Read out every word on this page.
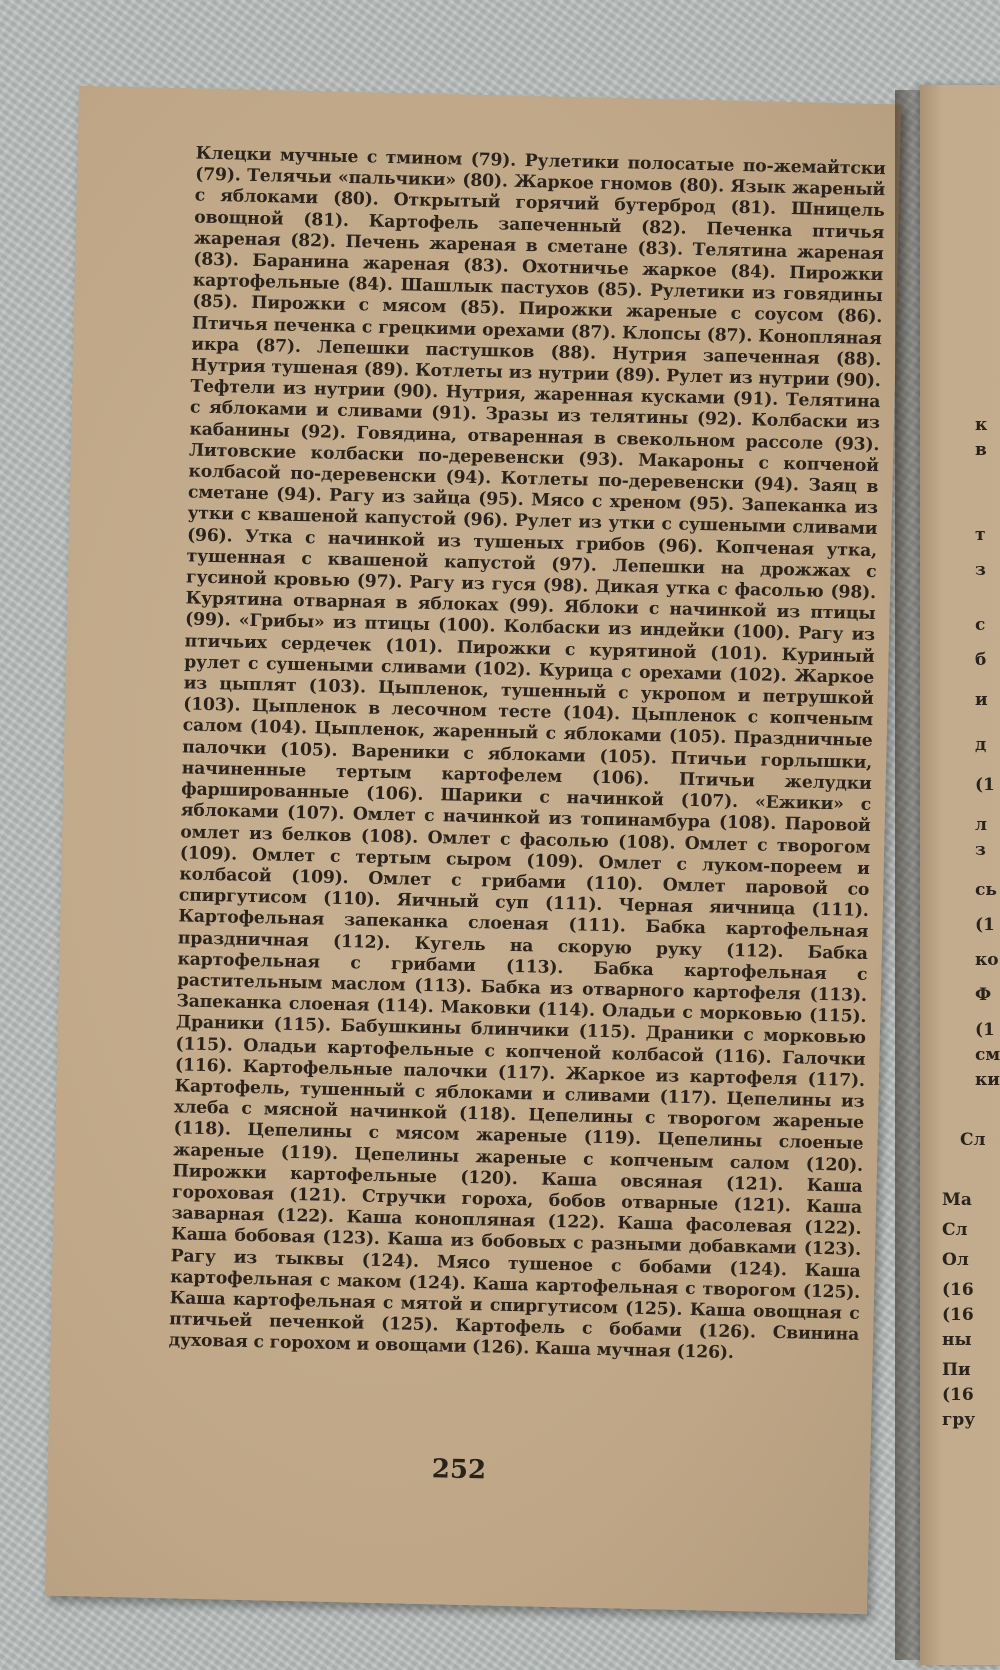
Клецки мучные с тмином (79). Рулетики полосатые по-жемайтски (79). Телячьи «пальчики» (80). Жаркое гномов (80). Язык жареный с яблоками (80). Открытый горячий бутерброд (81). Шницель овощной (81). Картофель запеченный (82). Печенка птичья жареная (82). Печень жареная в сметане (83). Телятина жареная (83). Баранина жареная (83). Охотничье жаркое (84). Пирожки картофельные (84). Шашлык пастухов (85). Рулетики из говядины (85). Пирожки с мясом (85). Пирожки жареные с соусом (86). Птичья печенка с грецкими орехами (87). Клопсы (87). Конопляная икра (87). Лепешки пастушков (88). Нутрия запеченная (88). Нутрия тушеная (89). Котлеты из нутрии (89). Рулет из нутрии (90). Тефтели из нутрии (90). Нутрия, жаренная кусками (91). Телятина с яблоками и сливами (91). Зразы из телятины (92). Колбаски из кабанины (92). Говядина, отваренная в свекольном рассоле (93). Литовские колбаски по-деревенски (93). Макароны с копченой колбасой по-деревенски (94). Котлеты по-деревенски (94). Заяц в сметане (94). Рагу из зайца (95). Мясо с хреном (95). Запеканка из утки с квашеной капустой (96). Рулет из утки с сушеными сливами (96). Утка с начинкой из тушеных грибов (96). Копченая утка, тушенная с квашеной капустой (97). Лепешки на дрожжах с гусиной кровью (97). Рагу из гуся (98). Дикая утка с фасолью (98). Курятина отварная в яблоках (99). Яблоки с начинкой из птицы (99). «Грибы» из птицы (100). Колбаски из индейки (100). Рагу из птичьих сердечек (101). Пирожки с курятиной (101). Куриный рулет с сушеными сливами (102). Курица с орехами (102). Жаркое из цыплят (103). Цыпленок, тушенный с укропом и петрушкой (103). Цыпленок в лесочном тесте (104). Цыпленок с копченым салом (104). Цыпленок, жаренный с яблоками (105). Праздничные палочки (105). Вареники с яблоками (105). Птичьи горлышки, начиненные тертым картофелем (106). Птичьи желудки фаршированные (106). Шарики с начинкой (107). «Ежики» с яблоками (107). Омлет с начинкой из топинамбура (108). Паровой омлет из белков (108). Омлет с фасолью (108). Омлет с творогом (109). Омлет с тертым сыром (109). Омлет с луком-пореем и колбасой (109). Омлет с грибами (110). Омлет паровой со спиргутисом (110). Яичный суп (111). Черная яичница (111). Картофельная запеканка слоеная (111). Бабка картофельная праздничная (112). Кугель на скорую руку (112). Бабка картофельная с грибами (113). Бабка картофельная с растительным маслом (113). Бабка из отварного картофеля (113). Запеканка слоеная (114). Маковки (114). Оладьи с морковью (115). Драники (115). Бабушкины блинчики (115). Драники с морковью (115). Оладьи картофельные с копченой колбасой (116). Галочки (116). Картофельные палочки (117). Жаркое из картофеля (117). Картофель, тушенный с яблоками и сливами (117). Цепелины из хлеба с мясной начинкой (118). Цепелины с творогом жареные (118). Цепелины с мясом жареные (119). Цепелины слоеные жареные (119). Цепелины жареные с копченым салом (120). Пирожки картофельные (120). Каша овсяная (121). Каша гороховая (121). Стручки гороха, бобов отварные (121). Каша заварная (122). Каша конопляная (122). Каша фасолевая (122). Каша бобовая (123). Каша из бобовых с разными добавками (123). Рагу из тыквы (124). Мясо тушеное с бобами (124). Каша картофельная с маком (124). Каша картофельная с творогом (125). Каша картофельная с мятой и спиргутисом (125). Каша овощная с птичьей печенкой (125). Картофель с бобами (126). Свинина духовая с горохом и овощами (126). Каша мучная (126).

252
к
в
т
з
с
б
и
д
(1
л
з
сь
(1
ко
Ф
(1
см
ки
Сл
Ма
Сл
Ол
(16
(16
ны
Пи
(16
гру
